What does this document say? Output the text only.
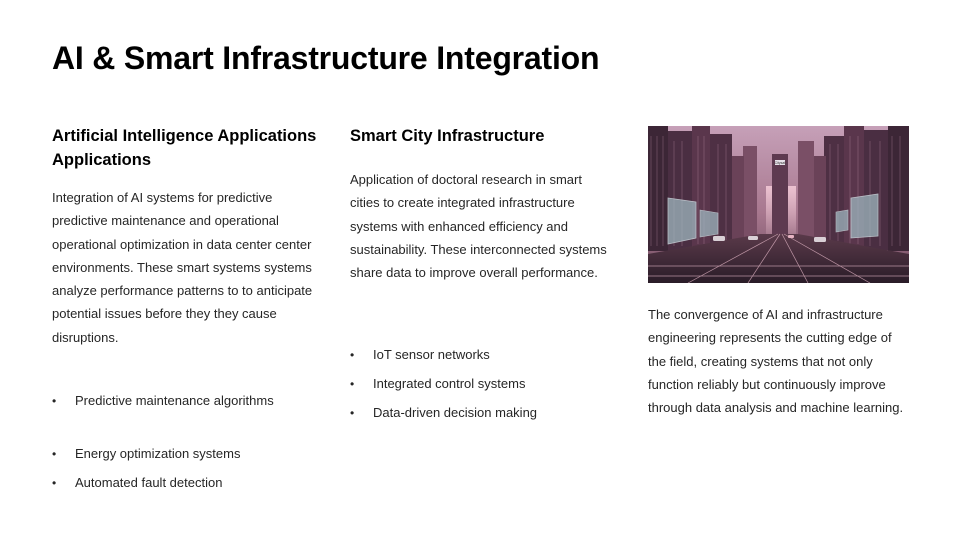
AI & Smart Infrastructure Integration
Artificial Intelligence Applications Applications

Integration of AI systems for predictive predictive maintenance and operational operational optimization in data center center environments. These smart systems systems analyze performance patterns to to anticipate potential issues before they they cause disruptions.

• Predictive maintenance algorithms
• Energy optimization systems
• Automated fault detection
Smart City Infrastructure

Application of doctoral research in smart cities to create integrated infrastructure systems with enhanced efficiency and sustainability. These interconnected systems share data to improve overall performance.

• IoT sensor networks
• Integrated control systems
• Data-driven decision making
Citysat

The convergence of AI and infrastructure engineering represents the cutting edge of the field, creating systems that not only function reliably but continuously improve through data analysis and machine learning.
